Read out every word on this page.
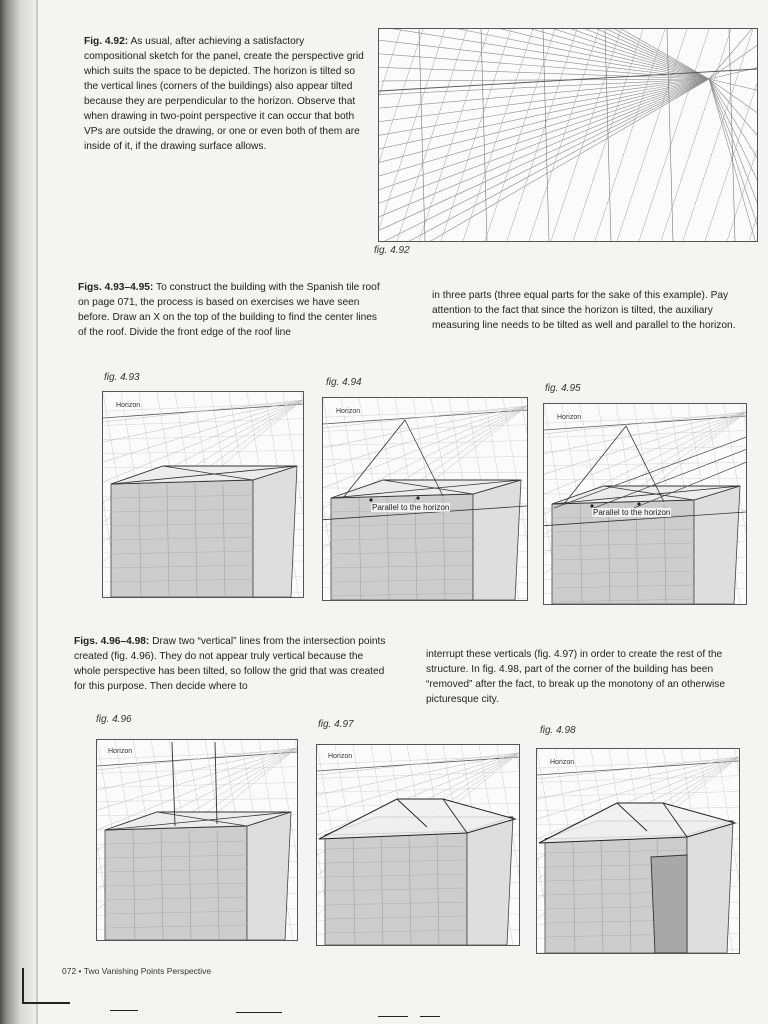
Fig. 4.92: As usual, after achieving a satisfactory compositional sketch for the panel, create the perspective grid which suits the space to be depicted. The horizon is tilted so the vertical lines (corners of the buildings) also appear tilted because they are perpendicular to the horizon. Observe that when drawing in two-point perspective it can occur that both VPs are outside the drawing, or one or even both of them are inside of it, if the drawing surface allows.

fig. 4.92

Figs. 4.93–4.95: To construct the building with the Spanish tile roof on page 071, the process is based on exercises we have seen before. Draw an X on the top of the building to find the center lines of the roof. Divide the front edge of the roof line

in three parts (three equal parts for the sake of this example). Pay attention to the fact that since the horizon is tilted, the auxiliary measuring line needs to be tilted as well and parallel to the horizon.

fig. 4.93	fig. 4.94
fig. 4.95
Horizon
Horizon
Parallel to the horizon
Horizon
Parallel to the horizon

Figs. 4.96–4.98: Draw two “vertical” lines from the intersection points created (fig. 4.96). They do not appear truly vertical because the whole perspective has been tilted, so follow the grid that was created for this purpose. Then decide where to

interrupt these verticals (fig. 4.97) in order to create the rest of the structure. In fig. 4.98, part of the corner of the building has been “removed” after the fact, to break up the monotony of an otherwise picturesque city.

fig. 4.96	fig. 4.97
fig. 4.98
Horizon
Horizon
Horizon
072 • Two Vanishing Points Perspective
